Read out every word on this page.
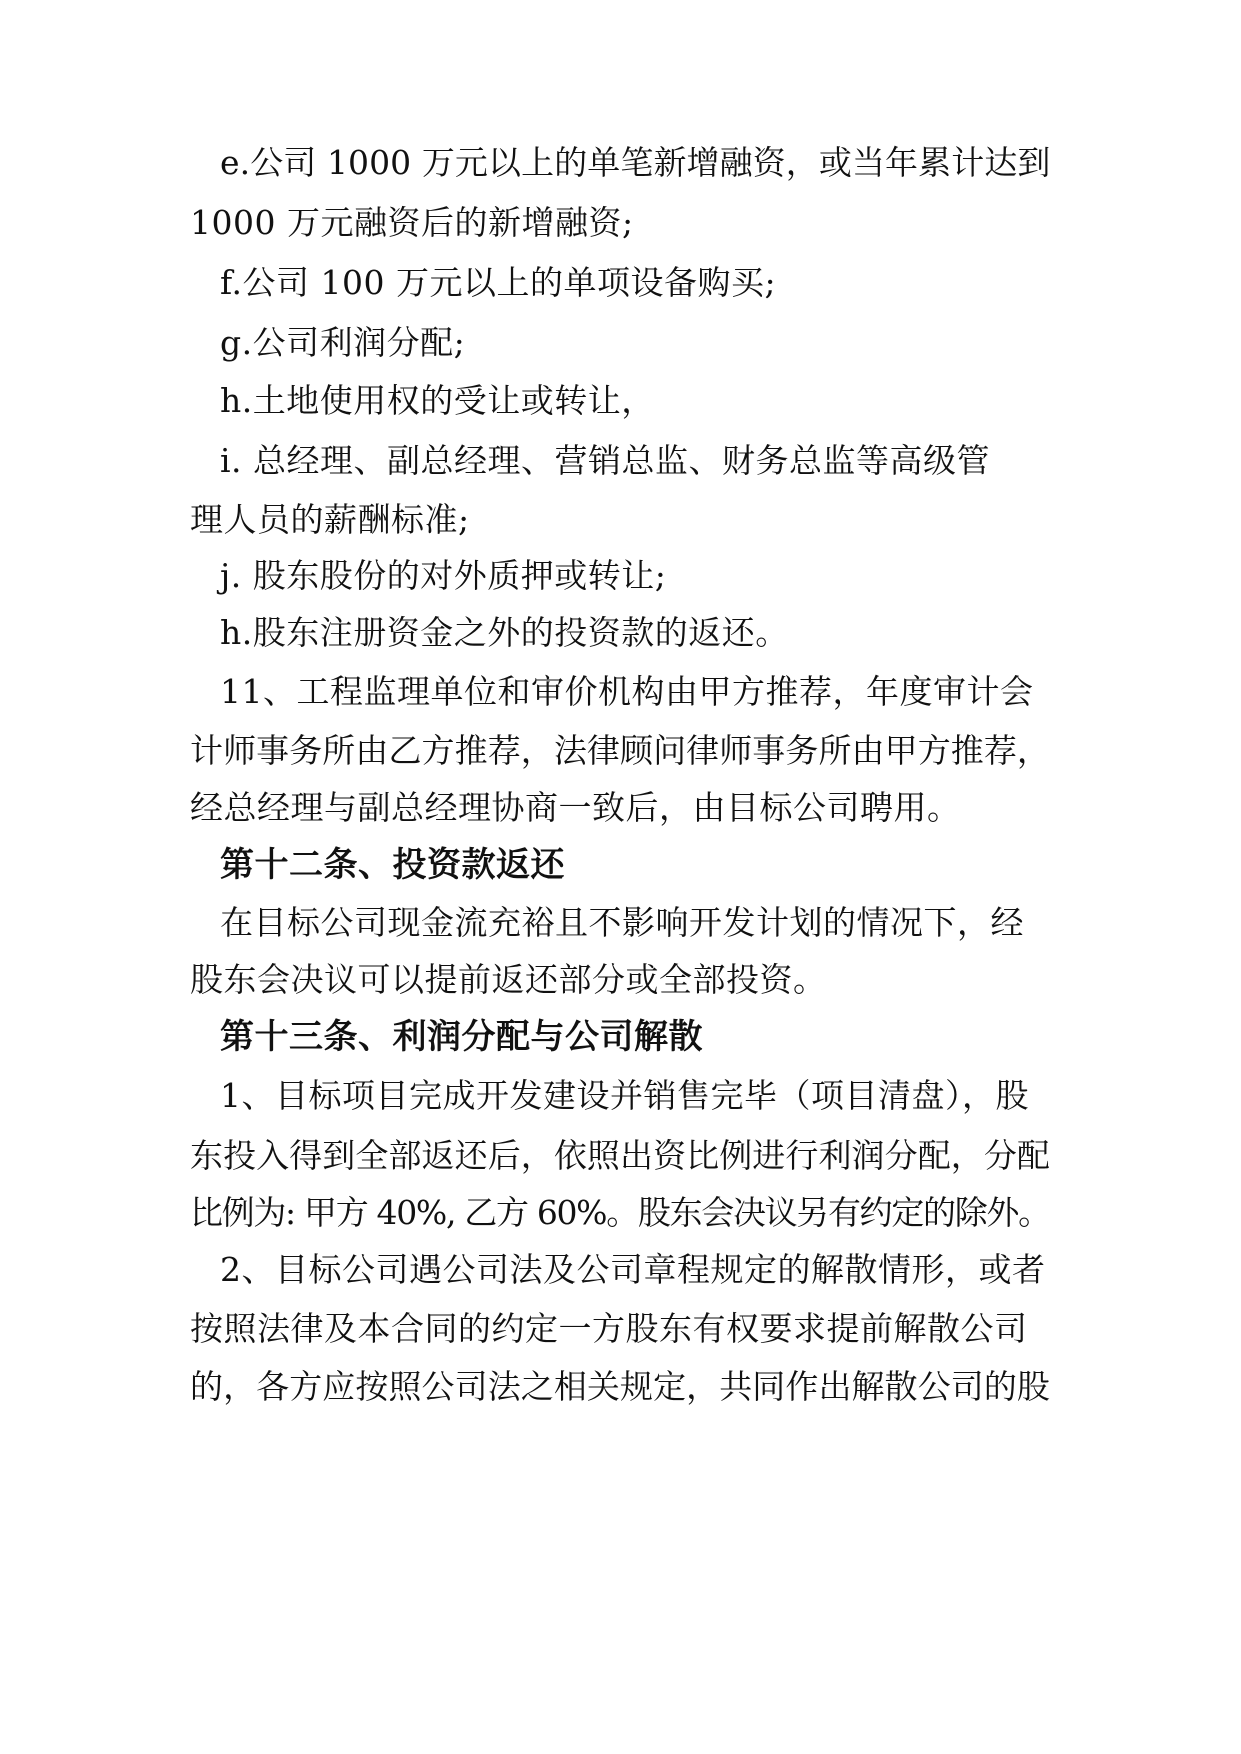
e.公司 1000 万元以上的单笔新增融资，或当年累计达到
1000 万元融资后的新增融资;
f.公司 100 万元以上的单项设备购买;
g.公司利润分配;
h.土地使用权的受让或转让，
i. 总经理、副总经理、营销总监、财务总监等高级管
理人员的薪酬标准;
j. 股东股份的对外质押或转让;
h.股东注册资金之外的投资款的返还。
11、工程监理单位和审价机构由甲方推荐，年度审计会
计师事务所由乙方推荐，法律顾问律师事务所由甲方推荐，
经总经理与副总经理协商一致后，由目标公司聘用。
第十二条、投资款返还
在目标公司现金流充裕且不影响开发计划的情况下，经
股东会决议可以提前返还部分或全部投资。
第十三条、利润分配与公司解散
1、目标项目完成开发建设并销售完毕（项目清盘），股
东投入得到全部返还后，依照出资比例进行利润分配，分配
比例为: 甲方 40%, 乙方 60%。股东会决议另有约定的除外。
2、目标公司遇公司法及公司章程规定的解散情形，或者
按照法律及本合同的约定一方股东有权要求提前解散公司
的，各方应按照公司法之相关规定，共同作出解散公司的股
